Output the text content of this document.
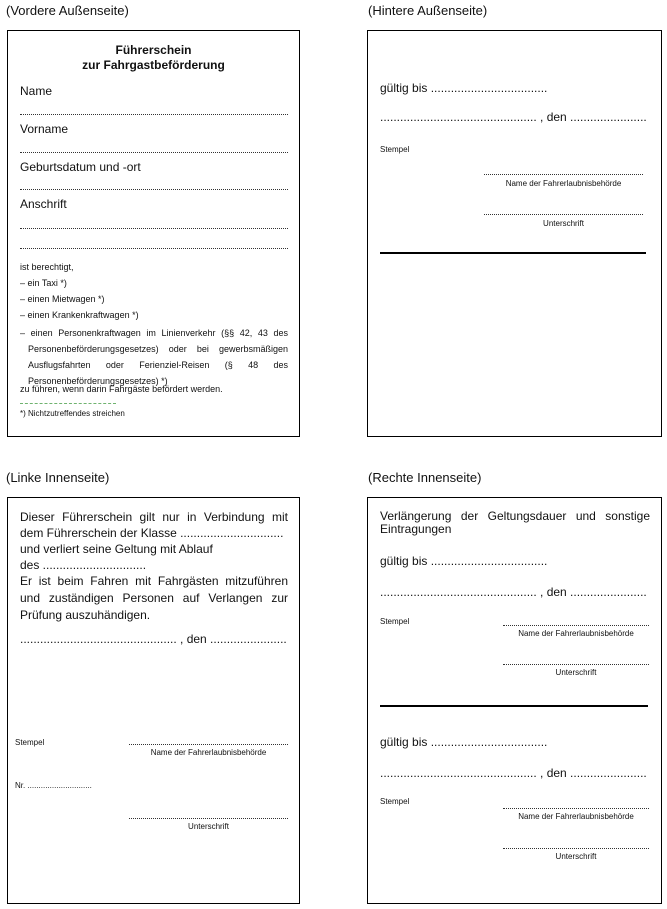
(Vordere Außenseite)
Führerschein
zur Fahrgastbeförderung
Name
Vorname
Geburtsdatum und -ort
Anschrift
ist berechtigt,
– ein Taxi *)
– einen Mietwagen *)
– einen Krankenkraftwagen *)
– einen Personenkraftwagen im Linienverkehr (§§ 42, 43 des Personenbeförderungsgesetzes) oder bei gewerbsmäßigen Ausflugsfahrten oder Ferienziel-Reisen (§ 48 des Personenbeförderungsgesetzes) *)
zu führen, wenn darin Fahrgäste befördert werden.
*) Nichtzutreffendes streichen
(Hintere Außenseite)
gültig bis ...................................
............................................... , den .......................
Stempel
Name der Fahrerlaubnisbehörde
Unterschrift
(Linke Innenseite)
Dieser Führerschein gilt nur in Verbindung mit
dem Führerschein der Klasse ...............................
und verliert seine Geltung mit Ablauf
des ...............................
Er ist beim Fahren mit Fahrgästen mitzuführen
und zuständigen Personen auf Verlangen zur
Prüfung auszuhändigen.
............................................... , den .......................
Stempel
Name der Fahrerlaubnisbehörde
Nr. .............................
Unterschrift
(Rechte Innenseite)
Verlängerung der Geltungsdauer und sonstige Eintragungen
gültig bis ...................................
............................................... , den .......................
Stempel
Name der Fahrerlaubnisbehörde
Unterschrift
gültig bis ...................................
............................................... , den .......................
Stempel
Name der Fahrerlaubnisbehörde
Unterschrift
